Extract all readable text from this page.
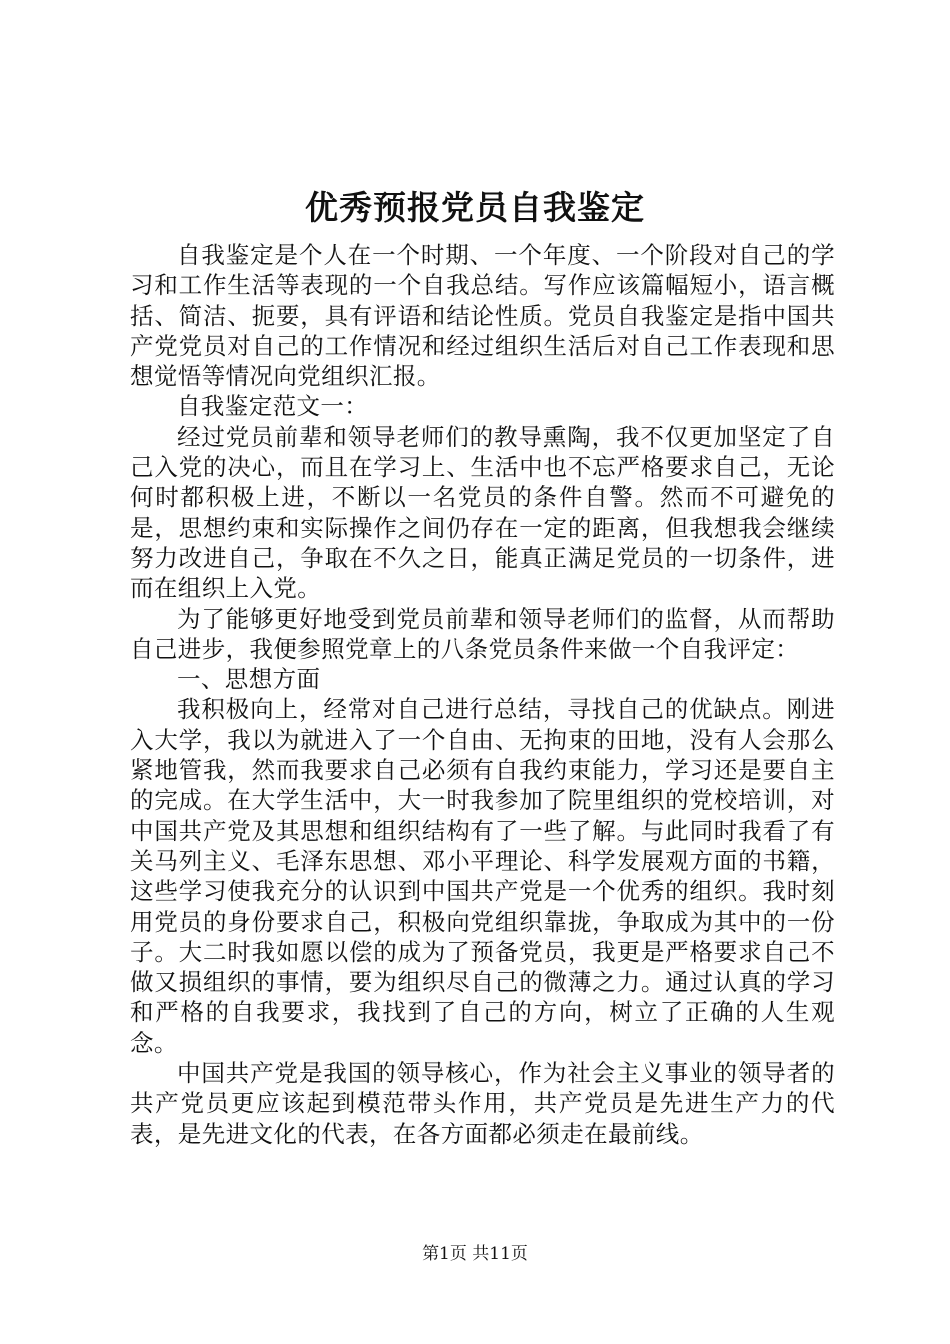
优秀预报党员自我鉴定

自我鉴定是个人在一个时期、一个年度、一个阶段对自己的学习和工作生活等表现的一个自我总结。写作应该篇幅短小，语言概括、简洁、扼要，具有评语和结论性质。党员自我鉴定是指中国共产党党员对自己的工作情况和经过组织生活后对自己工作表现和思想觉悟等情况向党组织汇报。

自我鉴定范文一：

经过党员前辈和领导老师们的教导熏陶，我不仅更加坚定了自己入党的决心，而且在学习上、生活中也不忘严格要求自己，无论何时都积极上进，不断以一名党员的条件自警。然而不可避免的是，思想约束和实际操作之间仍存在一定的距离，但我想我会继续努力改进自己，争取在不久之日，能真正满足党员的一切条件，进而在组织上入党。

为了能够更好地受到党员前辈和领导老师们的监督，从而帮助自己进步，我便参照党章上的八条党员条件来做一个自我评定：

一、思想方面

我积极向上，经常对自己进行总结，寻找自己的优缺点。刚进入大学，我以为就进入了一个自由、无拘束的田地，没有人会那么紧地管我，然而我要求自己必须有自我约束能力，学习还是要自主的完成。在大学生活中，大一时我参加了院里组织的党校培训，对中国共产党及其思想和组织结构有了一些了解。与此同时我看了有关马列主义、毛泽东思想、邓小平理论、科学发展观方面的书籍，这些学习使我充分的认识到中国共产党是一个优秀的组织。我时刻用党员的身份要求自己，积极向党组织靠拢，争取成为其中的一份子。大二时我如愿以偿的成为了预备党员，我更是严格要求自己不做又损组织的事情，要为组织尽自己的微薄之力。通过认真的学习和严格的自我要求，我找到了自己的方向，树立了正确的人生观念。

中国共产党是我国的领导核心，作为社会主义事业的领导者的共产党员更应该起到模范带头作用，共产党员是先进生产力的代表，是先进文化的代表，在各方面都必须走在最前线。

第1页 共11页
